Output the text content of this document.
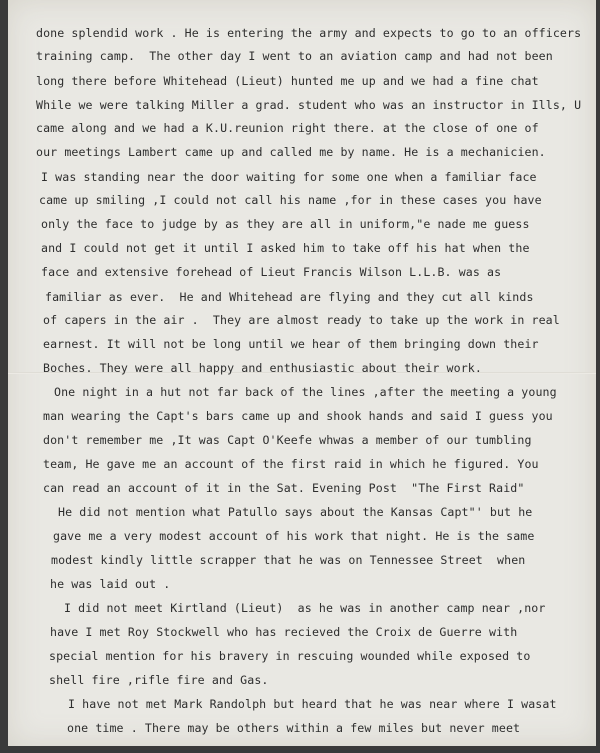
done splendid work . He is entering the army and expects to go to an officers
training camp.  The other day I went to an aviation camp and had not been
long there before Whitehead (Lieut) hunted me up and we had a fine chat
While we were talking Miller a grad. student who was an instructor in Ills, U
came along and we had a K.U.reunion right there. at the close of one of
our meetings Lambert came up and called me by name. He is a mechanicien.
I was standing near the door waiting for some one when a familiar face
came up smiling ,I could not call his name ,for in these cases you have
only the face to judge by as they are all in uniform,"e nade me guess
and I could not get it until I asked him to take off his hat when the
face and extensive forehead of Lieut Francis Wilson L.L.B. was as
familiar as ever.  He and Whitehead are flying and they cut all kinds
of capers in the air .  They are almost ready to take up the work in real
earnest. It will not be long until we hear of them bringing down their
Boches. They were all happy and enthusiastic about their work.
One night in a hut not far back of the lines ,after the meeting a young
man wearing the Capt's bars came up and shook hands and said I guess you
don't remember me ,It was Capt O'Keefe whwas a member of our tumbling
team, He gave me an account of the first raid in which he figured. You
can read an account of it in the Sat. Evening Post  "The First Raid"
He did not mention what Patullo says about the Kansas Capt"' but he
gave me a very modest account of his work that night. He is the same
modest kindly little scrapper that he was on Tennessee Street  when
he was laid out .
I did not meet Kirtland (Lieut)  as he was in another camp near ,nor
have I met Roy Stockwell who has recieved the Croix de Guerre with
special mention for his bravery in rescuing wounded while exposed to
shell fire ,rifle fire and Gas.
I have not met Mark Randolph but heard that he was near where I wasat
one time . There may be others within a few miles but never meet
